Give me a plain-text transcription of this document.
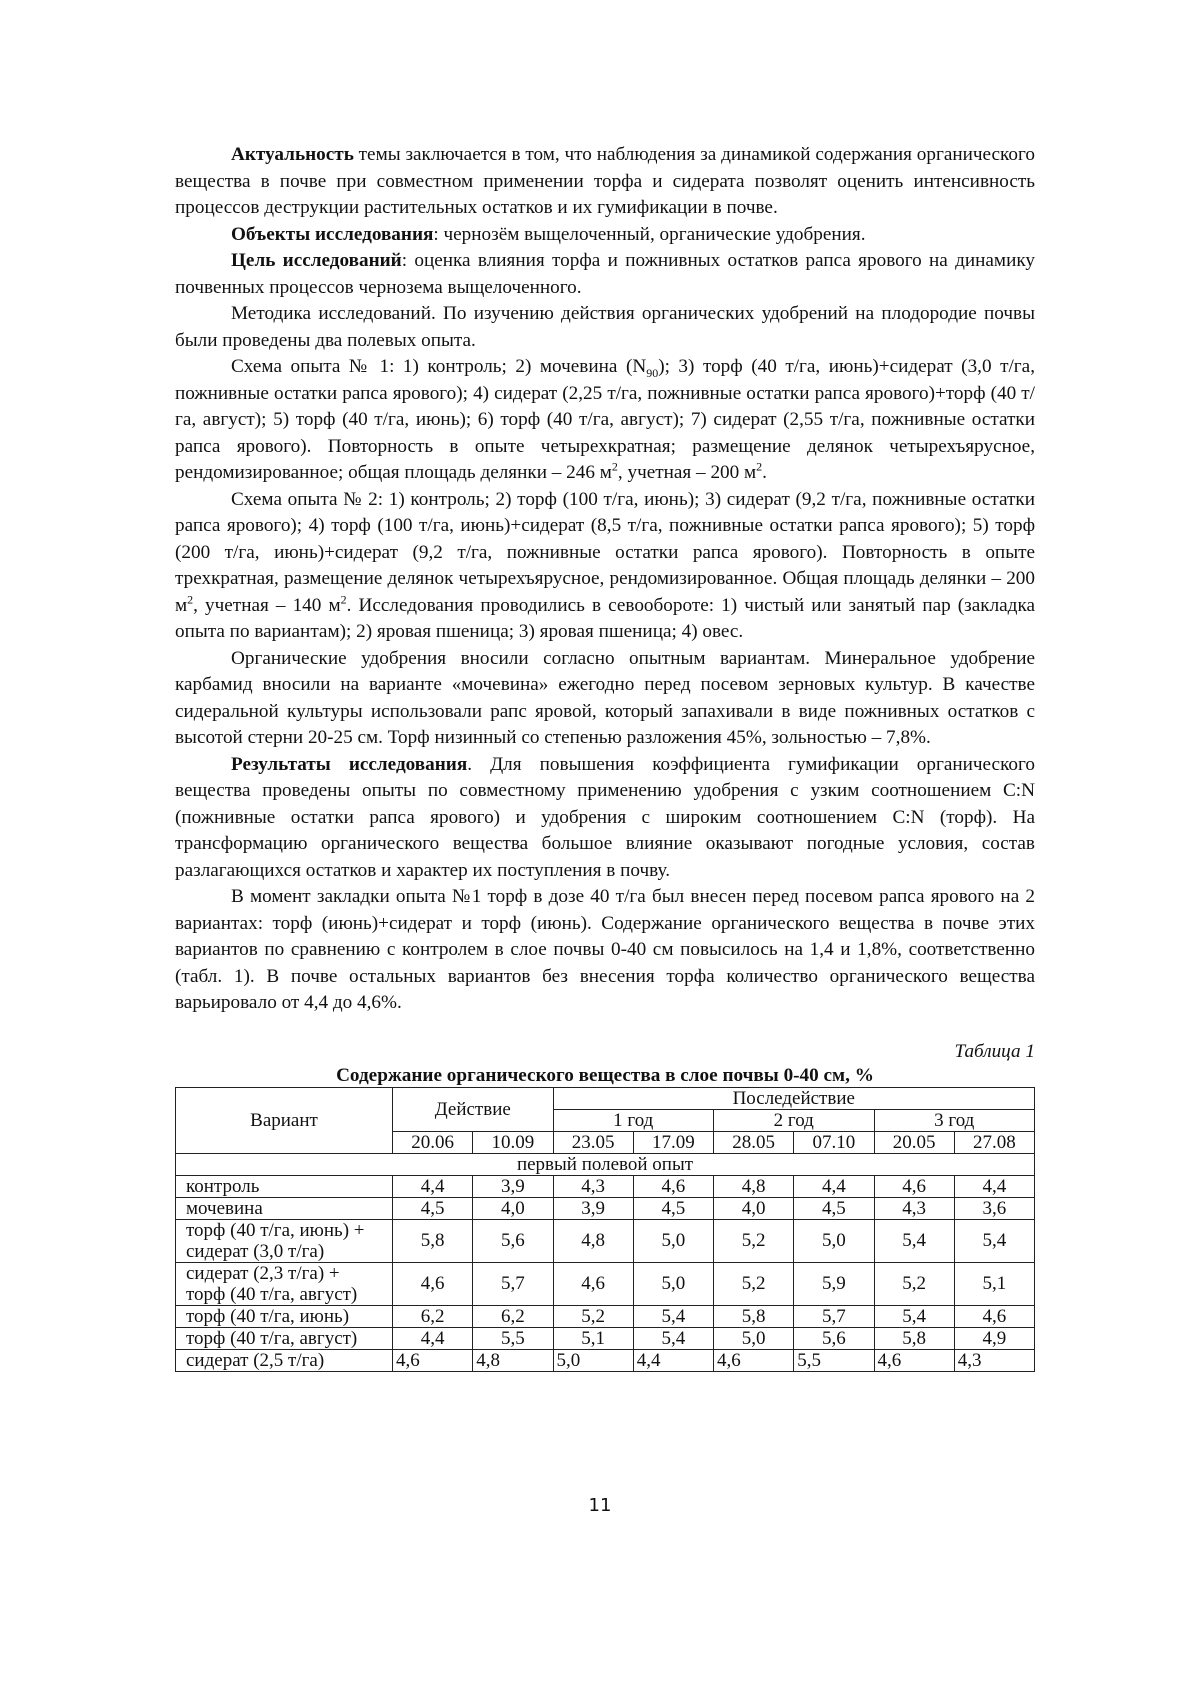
Актуальность темы заключается в том, что наблюдения за динамикой содержания органического вещества в почве при совместном применении торфа и сидерата позволят оценить интенсивность процессов деструкции растительных остатков и их гумификации в почве.

Объекты исследования: чернозём выщелоченный, органические удобрения.

Цель исследований: оценка влияния торфа и пожнивных остатков рапса ярового на динамику почвенных процессов чернозема выщелоченного.

Методика исследований. По изучению действия органических удобрений на плодородие почвы были проведены два полевых опыта.

Схема опыта № 1: 1) контроль; 2) мочевина $(N_{90})$; 3) торф (40 т/га, июнь)+сидерат (3,0 т/га, пожнивные остатки рапса ярового); 4) сидерат (2,25 т/га, пожнивные остатки рапса ярового)+торф (40 т/га, август); 5) торф (40 т/га, июнь); 6) торф (40 т/га, август); 7) сидерат (2,55 т/га, пожнивные остатки рапса ярового). Повторность в опыте четырехкратная; размещение делянок четырехъярусное, рендомизированное; общая площадь делянки – 246 $м^2$, учетная – 200 $м^2$.

Схема опыта № 2: 1) контроль; 2) торф (100 т/га, июнь); 3) сидерат (9,2 т/га, пожнивные остатки рапса ярового); 4) торф (100 т/га, июнь)+сидерат (8,5 т/га, пожнивные остатки рапса ярового); 5) торф (200 т/га, июнь)+сидерат (9,2 т/га, пожнивные остатки рапса ярового). Повторность в опыте трехкратная, размещение делянок четырехъярусное, рендомизированное. Общая площадь делянки – 200 $м^2$, учетная – 140 $м^2$. Исследования проводились в севообороте: 1) чистый или занятый пар (закладка опыта по вариантам); 2) яровая пшеница; 3) яровая пшеница; 4) овес.

Органические удобрения вносили согласно опытным вариантам. Минеральное удобрение карбамид вносили на варианте «мочевина» ежегодно перед посевом зерновых культур. В качестве сидеральной культуры использовали рапс яровой, который запахивали в виде пожнивных остатков с высотой стерни 20-25 см. Торф низинный со степенью разложения 45%, зольностью – 7,8%.

Результаты исследования. Для повышения коэффициента гумификации органического вещества проведены опыты по совместному применению удобрения с узким соотношением C:N (пожнивные остатки рапса ярового) и удобрения с широким соотношением C:N (торф). На трансформацию органического вещества большое влияние оказывают погодные условия, состав разлагающихся остатков и характер их поступления в почву.

В момент закладки опыта №1 торф в дозе 40 т/га был внесен перед посевом рапса ярового на 2 вариантах: торф (июнь)+сидерат и торф (июнь). Содержание органического вещества в почве этих вариантов по сравнению с контролем в слое почвы 0-40 см повысилось на 1,4 и 1,8%, соответственно (табл. 1). В почве остальных вариантов без внесения торфа количество органического вещества варьировало от 4,4 до 4,6%.

Таблица 1

Содержание органического вещества в слое почвы 0-40 см, %

Вариант	Действие		Последействие					
			1 год		2 год		3 год	
	20.06	10.09	23.05	17.09	28.05	07.10	20.05	27.08
первый полевой опыт								

контроль	4,4	3,9	4,3	4,6	4,8	4,4	4,6	4,4

мочевина	4,5	4,0	3,9	4,5	4,0	4,5	4,3	3,6

торф (40 т/га, июнь) +
сидерат (3,0 т/га)	5,8	5,6	4,8	5,0	5,2	5,0	5,4	5,4

сидерат (2,3 т/га) +
торф (40 т/га, август)	4,6	5,7	4,6	5,0	5,2	5,9	5,2	5,1

торф (40 т/га, июнь)	6,2	6,2	5,2	5,4	5,8	5,7	5,4	4,6

торф (40 т/га, август)	4,4	5,5	5,1	5,4	5,0	5,6	5,8	4,9

сидерат (2,5 т/га)	4,6	4,8	5,0	4,4	4,6	5,5	4,6	4,3
11
